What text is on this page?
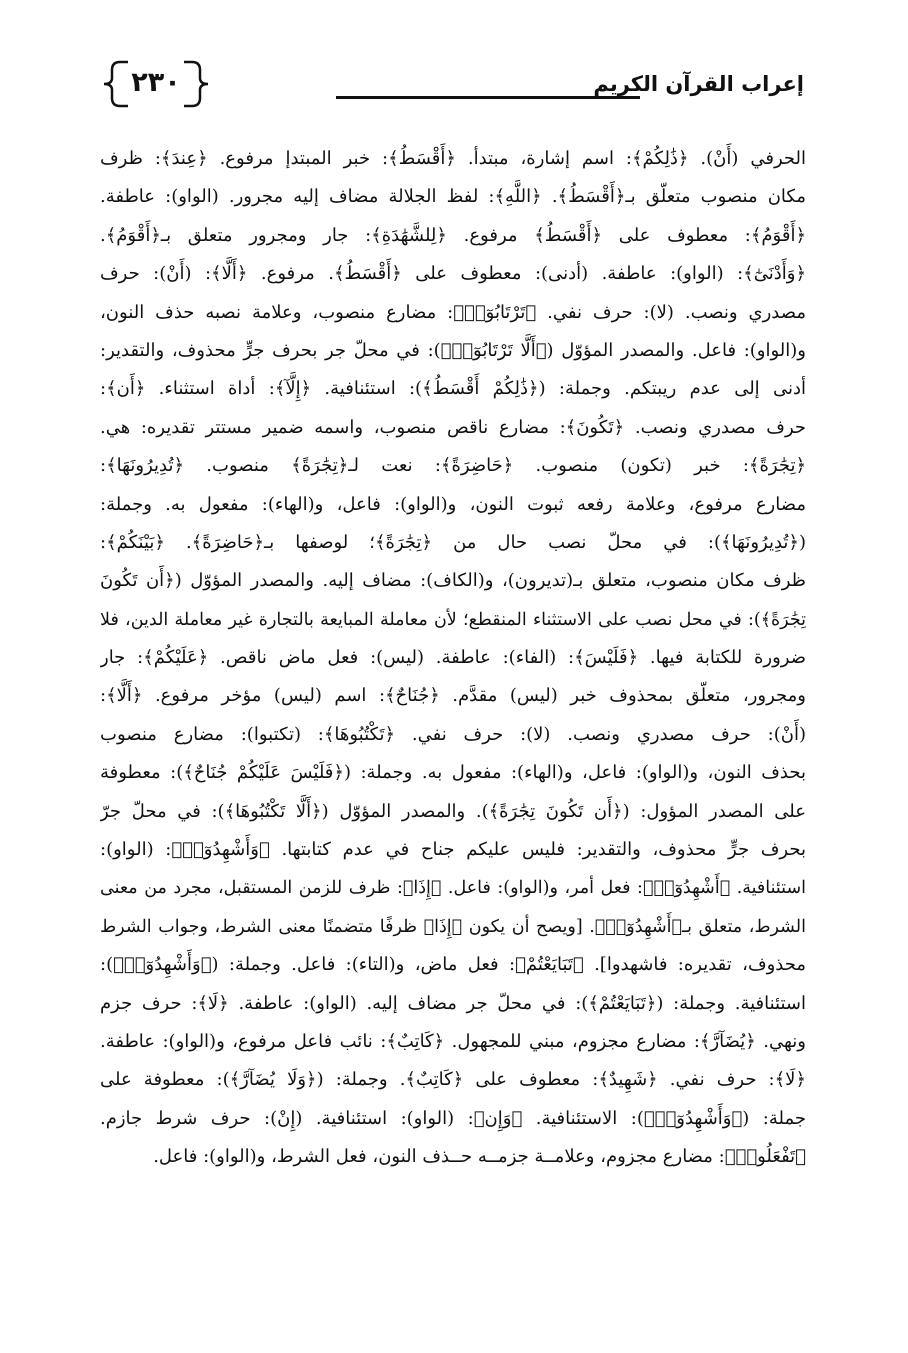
٢٣٠	إعراب القرآن الكريم
الحرفي (أَنْ). ﴿ذَٰلِكُمْ﴾: اسم إشارة، مبتدأ. ﴿أَقْسَطُ﴾: خبر المبتدإ مرفوع. ﴿عِندَ﴾: ظرف
مكان منصوب متعلّق بـ﴿أَقْسَطُ﴾. ﴿اللَّهِ﴾: لفظ الجلالة مضاف إليه مجرور. (الواو): عاطفة.
﴿أَقْوَمُ﴾: معطوف على ﴿أَقْسَطُ﴾ مرفوع. ﴿لِلشَّهَٰدَةِ﴾: جار ومجرور متعلق بـ﴿أَقْوَمُ﴾.
﴿وَأَدْنَىٰٓ﴾: (الواو): عاطفة. (أدنى): معطوف على ﴿أَقْسَطُ﴾. مرفوع. ﴿أَلَّا﴾: (أَنْ): حرف
مصدري ونصب. (لا): حرف نفي. ﴿تَرْتَابُوٓا۟﴾: مضارع منصوب، وعلامة نصبه حذف النون،
و(الواو): فاعل. والمصدر المؤوّل (﴿أَلَّا تَرْتَابُوٓا۟﴾): في محلّ جر بحرف جرٍّ محذوف، والتقدير:
أدنى إلى عدم ريبتكم. وجملة: (﴿ذَٰلِكُمْ أَقْسَطُ﴾): استئنافية. ﴿إِلَّآ﴾: أداة استثناء. ﴿أَن﴾:
حرف مصدري ونصب. ﴿تَكُونَ﴾: مضارع ناقص منصوب، واسمه ضمير مستتر تقديره: هي.
﴿تِجَٰرَةً﴾: خبر (تكون) منصوب. ﴿حَاضِرَةً﴾: نعت لـ﴿تِجَٰرَةً﴾ منصوب. ﴿تُدِيرُونَهَا﴾:
مضارع مرفوع، وعلامة رفعه ثبوت النون، و(الواو): فاعل، و(الهاء): مفعول به. وجملة:
(﴿تُدِيرُونَهَا﴾): في محلّ نصب حال من ﴿تِجَٰرَةً﴾؛ لوصفها بـ﴿حَاضِرَةً﴾. ﴿بَيْنَكُمْ﴾:
ظرف مكان منصوب، متعلق بـ(تديرون)، و(الكاف): مضاف إليه. والمصدر المؤوّل (﴿أَن تَكُونَ
تِجَٰرَةً﴾): في محل نصب على الاستثناء المنقطع؛ لأن معاملة المبايعة بالتجارة غير معاملة الدين، فلا
ضرورة للكتابة فيها. ﴿فَلَيْسَ﴾: (الفاء): عاطفة. (ليس): فعل ماض ناقص. ﴿عَلَيْكُمْ﴾: جار
ومجرور، متعلّق بمحذوف خبر (ليس) مقدَّم. ﴿جُنَاحٌ﴾: اسم (ليس) مؤخر مرفوع. ﴿أَلَّا﴾:
(أَنْ): حرف مصدري ونصب. (لا): حرف نفي. ﴿تَكْتُبُوهَا﴾: (تكتبوا): مضارع منصوب
بحذف النون، و(الواو): فاعل، و(الهاء): مفعول به. وجملة: (﴿فَلَيْسَ عَلَيْكُمْ جُنَاحٌ﴾): معطوفة
على المصدر المؤول: (﴿أَن تَكُونَ تِجَٰرَةً﴾). والمصدر المؤوّل (﴿أَلَّا تَكْتُبُوهَا﴾): في محلّ جرّ
بحرف جرٍّ محذوف، والتقدير: فليس عليكم جناح في عدم كتابتها. ﴿وَأَشْهِدُوٓا۟﴾: (الواو):
استئنافية. ﴿أَشْهِدُوٓا۟﴾: فعل أمر، و(الواو): فاعل. ﴿إِذَا﴾: ظرف للزمن المستقبل، مجرد من معنى
الشرط، متعلق بـ﴿أَشْهِدُوٓا۟﴾. [ويصح أن يكون ﴿إِذَا﴾ ظرفًا متضمنًا معنى الشرط، وجواب الشرط
محذوف، تقديره: فاشهدوا]. ﴿تَبَايَعْتُمْ﴾: فعل ماض، و(التاء): فاعل. وجملة: (﴿وَأَشْهِدُوٓا۟﴾):
استئنافية. وجملة: (﴿تَبَايَعْتُمْ﴾): في محلّ جر مضاف إليه. (الواو): عاطفة. ﴿لَا﴾: حرف جزم
ونهي. ﴿يُضَآرَّ﴾: مضارع مجزوم، مبني للمجهول. ﴿كَاتِبٌ﴾: نائب فاعل مرفوع، و(الواو): عاطفة.
﴿لَا﴾: حرف نفي. ﴿شَهِيدٌ﴾: معطوف على ﴿كَاتِبٌ﴾. وجملة: (﴿وَلَا يُضَآرَّ﴾): معطوفة على
جملة: (﴿وَأَشْهِدُوٓا۟﴾): الاستئنافية. ﴿وَإِن﴾: (الواو): استئنافية. (إِنْ): حرف شرط جازم.
﴿تَفْعَلُوا۟﴾: مضارع مجزوم، وعلامــة جزمــه حــذف النون، فعل الشرط، و(الواو): فاعل.
